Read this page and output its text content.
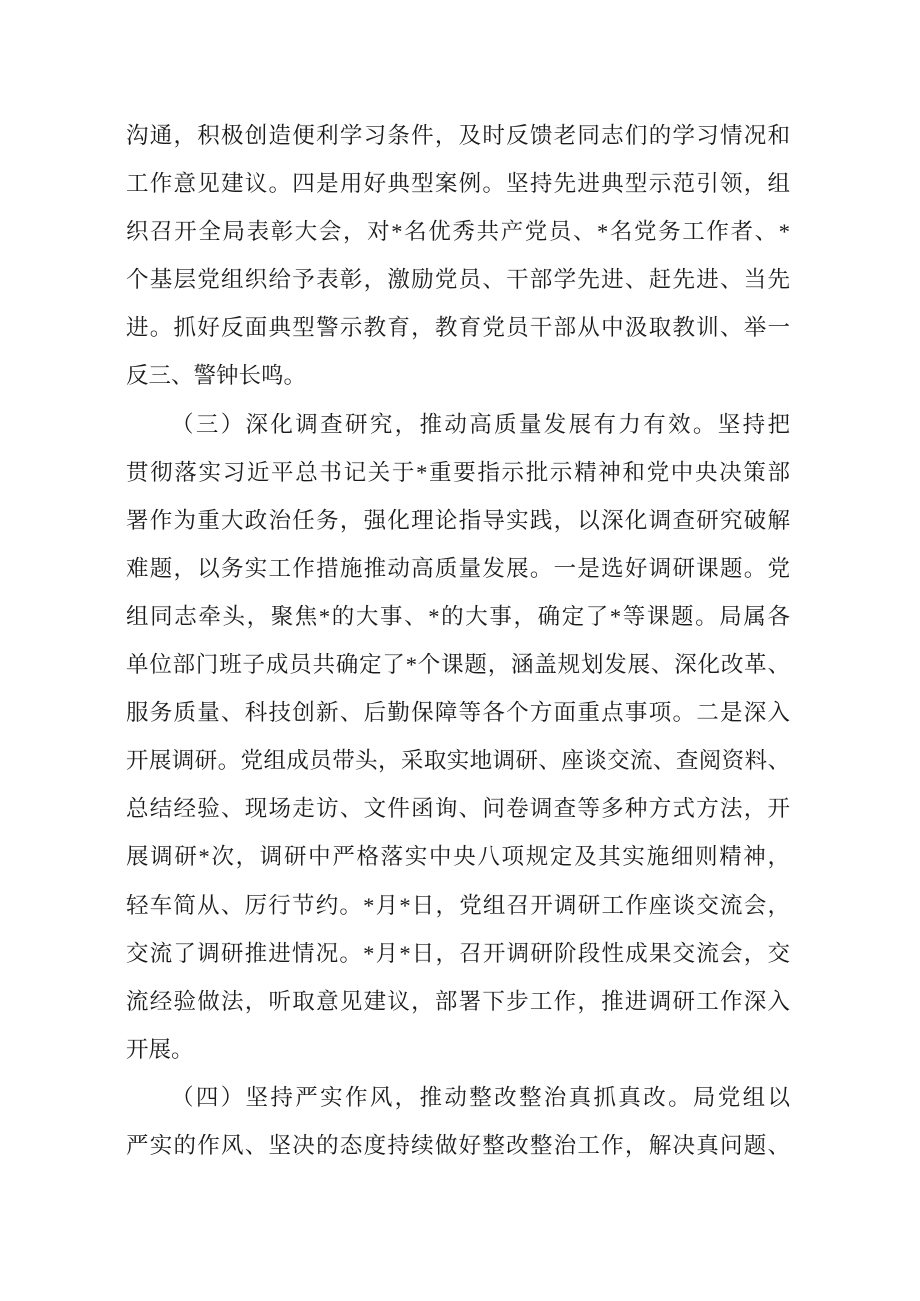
沟通，积极创造便利学习条件，及时反馈老同志们的学习情况和
工作意见建议。四是用好典型案例。坚持先进典型示范引领，组
织召开全局表彰大会，对*名优秀共产党员、*名党务工作者、*
个基层党组织给予表彰，激励党员、干部学先进、赶先进、当先
进。抓好反面典型警示教育，教育党员干部从中汲取教训、举一
反三、警钟长鸣。
（三）深化调查研究，推动高质量发展有力有效。坚持把
贯彻落实习近平总书记关于*重要指示批示精神和党中央决策部
署作为重大政治任务，强化理论指导实践，以深化调查研究破解
难题，以务实工作措施推动高质量发展。一是选好调研课题。党
组同志牵头，聚焦*的大事、*的大事，确定了*等课题。局属各
单位部门班子成员共确定了*个课题，涵盖规划发展、深化改革、
服务质量、科技创新、后勤保障等各个方面重点事项。二是深入
开展调研。党组成员带头，采取实地调研、座谈交流、查阅资料、
总结经验、现场走访、文件函询、问卷调查等多种方式方法，开
展调研*次，调研中严格落实中央八项规定及其实施细则精神，
轻车简从、厉行节约。*月*日，党组召开调研工作座谈交流会，
交流了调研推进情况。*月*日，召开调研阶段性成果交流会，交
流经验做法，听取意见建议，部署下步工作，推进调研工作深入
开展。
（四）坚持严实作风，推动整改整治真抓真改。局党组以
严实的作风、坚决的态度持续做好整改整治工作，解决真问题、
